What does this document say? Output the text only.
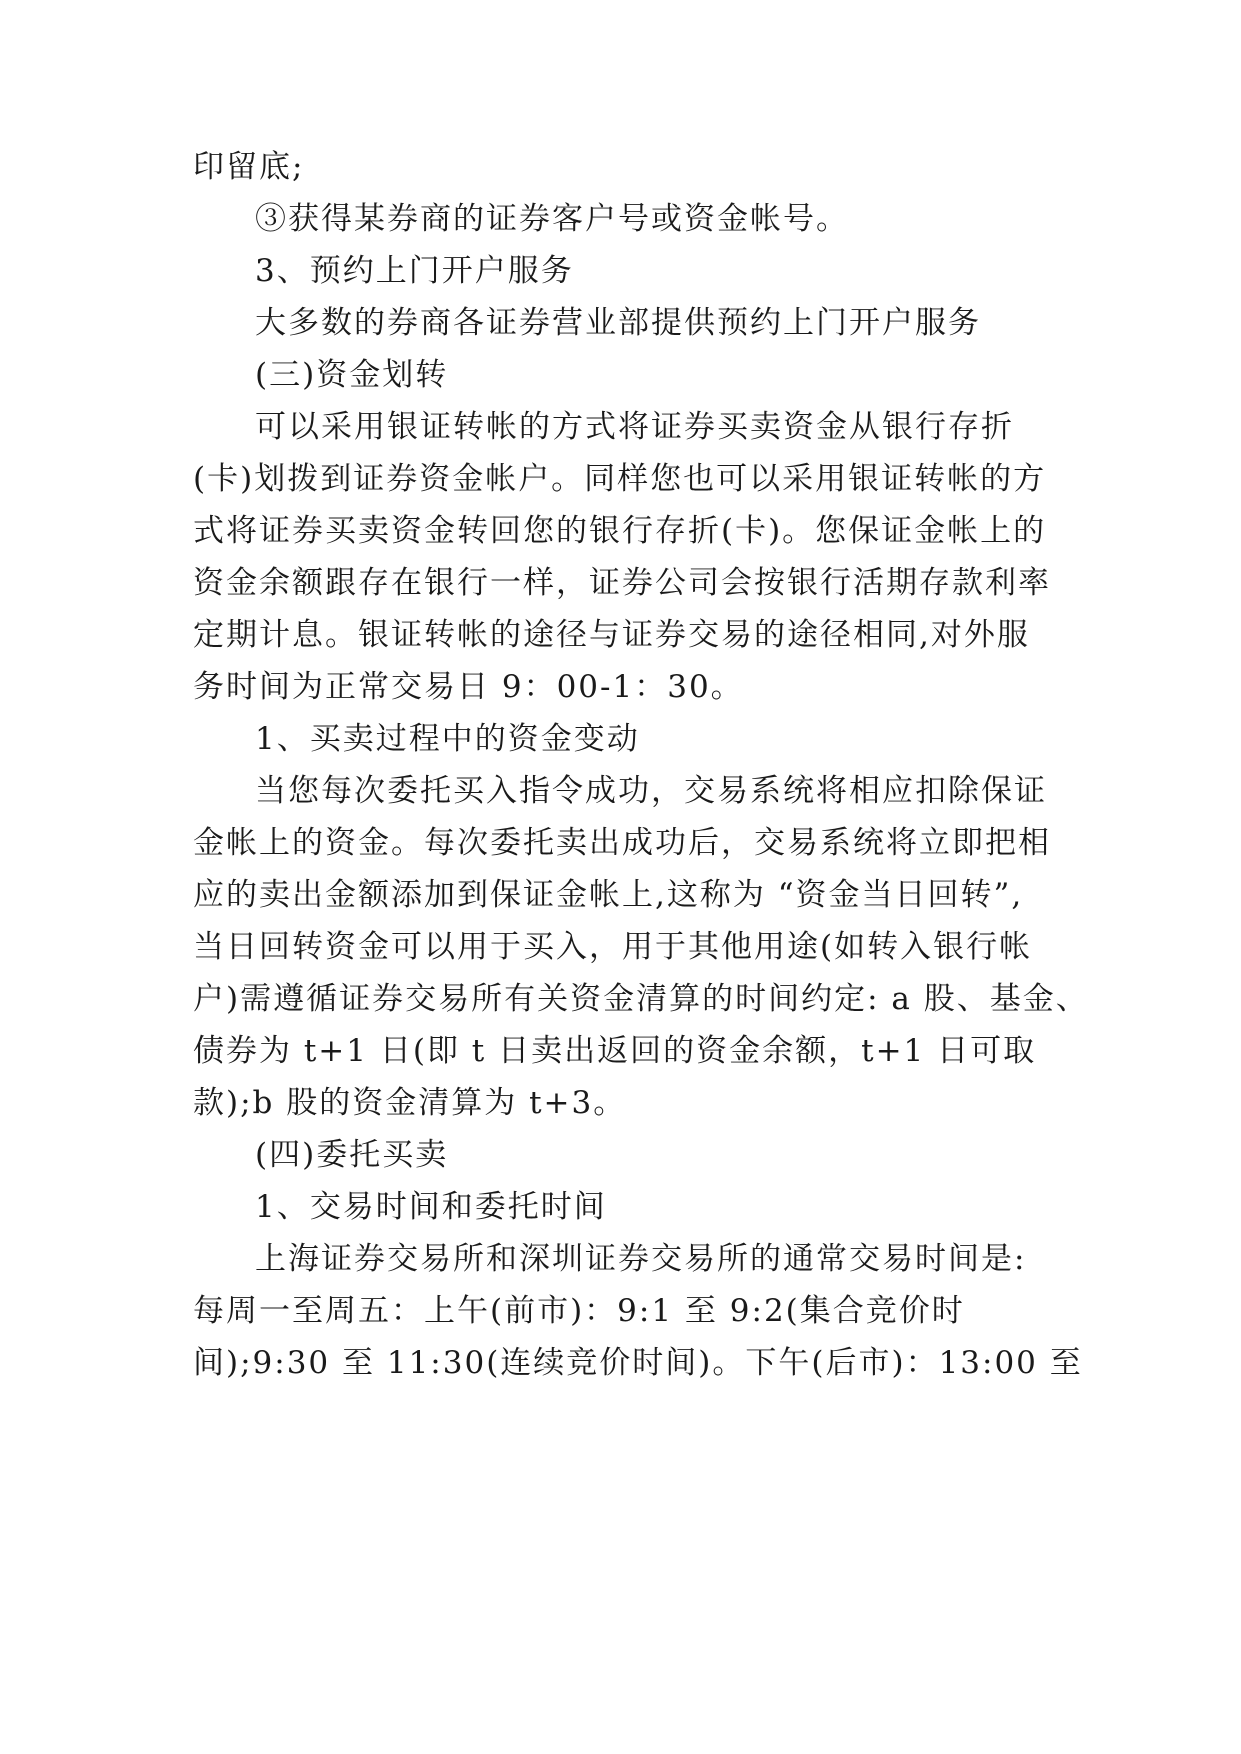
印留底;
③获得某券商的证券客户号或资金帐号。
3、预约上门开户服务
大多数的券商各证券营业部提供预约上门开户服务
(三)资金划转
可以采用银证转帐的方式将证券买卖资金从银行存折
(卡)划拨到证券资金帐户。同样您也可以采用银证转帐的方
式将证券买卖资金转回您的银行存折(卡)。您保证金帐上的
资金余额跟存在银行一样，证券公司会按银行活期存款利率
定期计息。银证转帐的途径与证券交易的途径相同,对外服
务时间为正常交易日 9：00-1：30。
1、买卖过程中的资金变动
当您每次委托买入指令成功，交易系统将相应扣除保证
金帐上的资金。每次委托卖出成功后，交易系统将立即把相
应的卖出金额添加到保证金帐上,这称为 “资金当日回转”,
当日回转资金可以用于买入，用于其他用途(如转入银行帐
户)需遵循证券交易所有关资金清算的时间约定: a 股、基金、
债券为 t+1 日(即 t 日卖出返回的资金余额，t+1 日可取
款);b 股的资金清算为 t+3。
(四)委托买卖
1、交易时间和委托时间
上海证券交易所和深圳证券交易所的通常交易时间是:
每周一至周五：上午(前市)：9:1 至 9:2(集合竞价时
间);9:30 至 11:30(连续竞价时间)。下午(后市)：13:00 至
